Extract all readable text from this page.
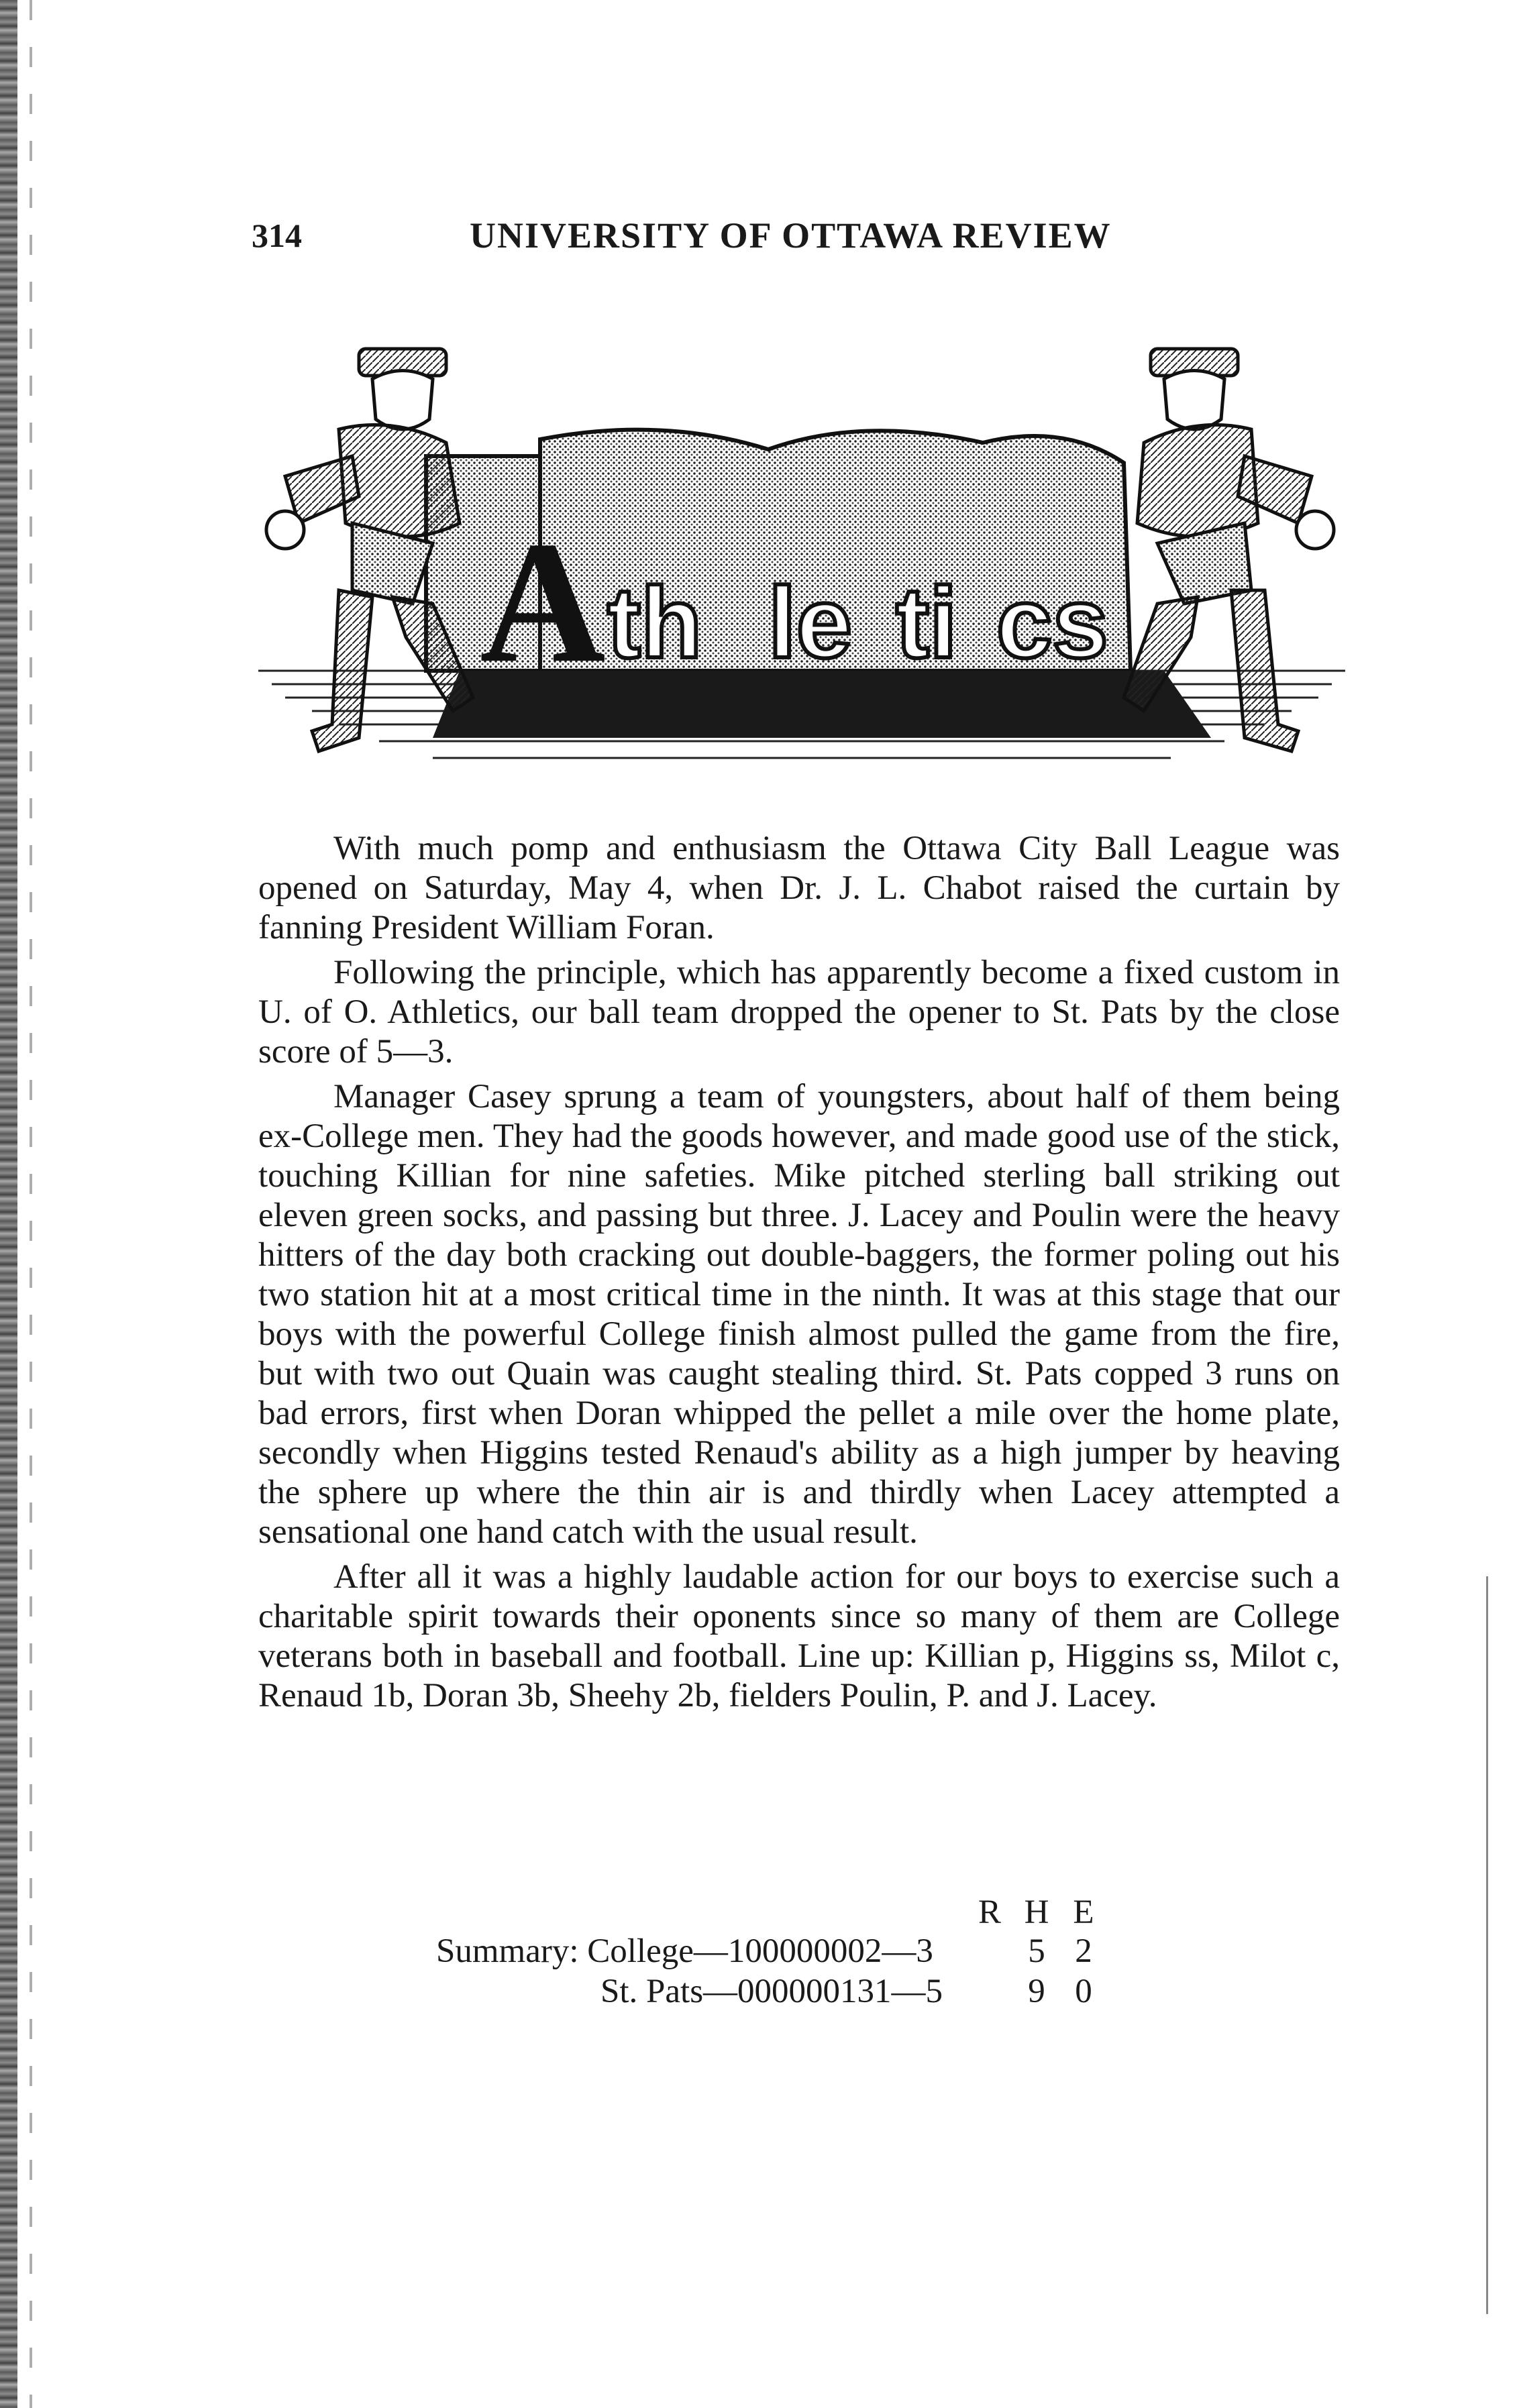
314	UNIVERSITY OF OTTAWA REVIEW
A th le ti cs

With much pomp and enthusiasm the Ottawa City Ball League was opened on Saturday, May 4, when Dr. J. L. Chabot raised the curtain by fanning President William Foran.

Following the principle, which has apparently become a fixed custom in U. of O. Athletics, our ball team dropped the opener to St. Pats by the close score of 5—3.

Manager Casey sprung a team of youngsters, about half of them being ex-College men. They had the goods however, and made good use of the stick, touching Killian for nine safeties. Mike pitched sterling ball striking out eleven green socks, and passing but three. J. Lacey and Poulin were the heavy hitters of the day both cracking out double-baggers, the former poling out his two station hit at a most critical time in the ninth. It was at this stage that our boys with the powerful College finish almost pulled the game from the fire, but with two out Quain was caught stealing third. St. Pats copped 3 runs on bad errors, first when Doran whipped the pellet a mile over the home plate, secondly when Higgins tested Renaud's ability as a high jumper by heaving the sphere up where the thin air is and thirdly when Lacey attempted a sensational one hand catch with the usual result.

After all it was a highly laudable action for our boys to exercise such a charitable spirit towards their oponents since so many of them are College veterans both in baseball and football. Line up: Killian p, Higgins ss, Milot c, Renaud 1b, Doran 3b, Sheehy 2b, fielders Poulin, P. and J. Lacey.

R H E
Summary: College—100000002—3	5 2
St. Pats—000000131—5	9 0
